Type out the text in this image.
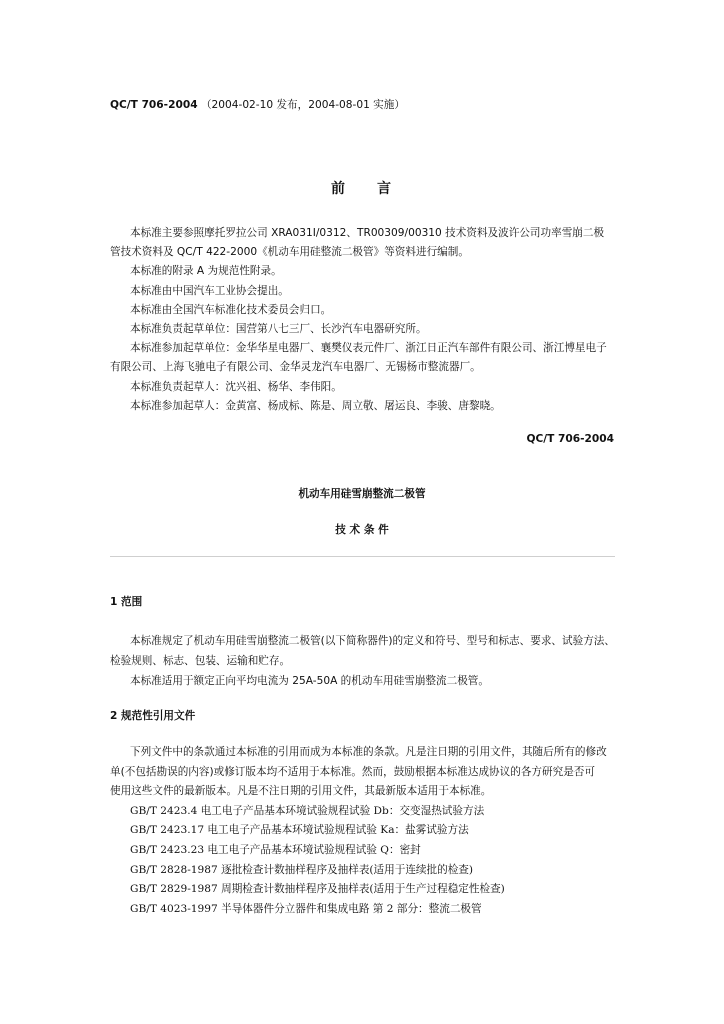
QC/T 706-2004 （2004-02-10 发布，2004-08-01 实施）
前 言
本标准主要参照摩托罗拉公司 XRA031I/0312、TR00309/00310 技术资料及波许公司功率雪崩二极
管技术资料及 QC/T 422-2000《机动车用硅整流二极管》等资料进行编制。
本标准的附录 A 为规范性附录。
本标准由中国汽车工业协会提出。
本标准由全国汽车标准化技术委员会归口。
本标准负责起草单位：国营第八七三厂、长沙汽车电器研究所。
本标准参加起草单位：金华华星电器厂、襄樊仪表元件厂、浙江日正汽车部件有限公司、浙江博星电子
有限公司、上海飞驰电子有限公司、金华灵龙汽车电器厂、无锡杨市整流器厂。
本标准负责起草人：沈兴祖、杨华、李伟阳。
本标准参加起草人：金黄富、杨成标、陈是、周立敬、屠运良、李骏、唐黎晓。
QC/T 706-2004
机动车用硅雪崩整流二极管
技 术 条 件
1 范围
本标准规定了机动车用硅雪崩整流二极管(以下简称器件)的定义和符号、型号和标志、要求、试验方法、
检验规则、标志、包装、运输和贮存。
本标准适用于额定正向平均电流为 25A-50A 的机动车用硅雪崩整流二极管。
2 规范性引用文件
下列文件中的条款通过本标准的引用而成为本标准的条款。凡是注日期的引用文件，其随后所有的修改
单(不包括勘误的内容)或修订版本均不适用于本标准。然而，鼓励根据本标准达成协议的各方研究是否可
使用这些文件的最新版本。凡是不注日期的引用文件，其最新版本适用于本标准。
GB/T 2423.4 电工电子产品基本环境试验规程试验 Db：交变湿热试验方法
GB/T 2423.17 电工电子产品基本环境试验规程试验 Ka：盐雾试验方法
GB/T 2423.23 电工电子产品基本环境试验规程试验 Q：密封
GB/T 2828-1987 逐批检查计数抽样程序及抽样表(适用于连续批的检查)
GB/T 2829-1987 周期检查计数抽样程序及抽样表(适用于生产过程稳定性检查)
GB/T 4023-1997 半导体器件分立器件和集成电路 第 2 部分：整流二极管
